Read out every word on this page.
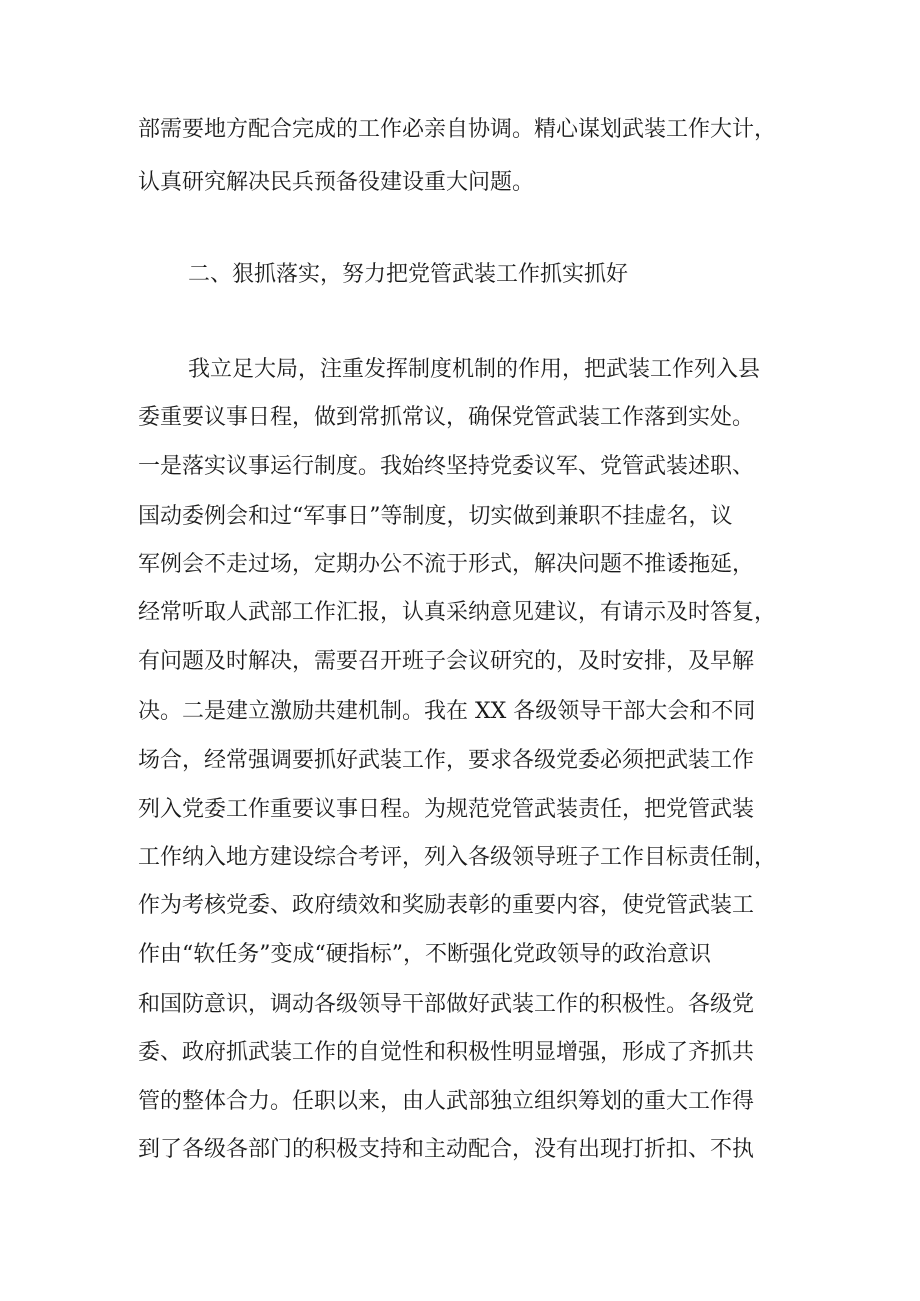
部需要地方配合完成的工作必亲自协调。精心谋划武装工作大计，
认真研究解决民兵预备役建设重大问题。
二、狠抓落实，努力把党管武装工作抓实抓好
我立足大局，注重发挥制度机制的作用，把武装工作列入县
委重要议事日程，做到常抓常议，确保党管武装工作落到实处。
一是落实议事运行制度。我始终坚持党委议军、党管武装述职、
国动委例会和过“军事日”等制度，切实做到兼职不挂虚名，议
军例会不走过场，定期办公不流于形式，解决问题不推诿拖延，
经常听取人武部工作汇报，认真采纳意见建议，有请示及时答复，
有问题及时解决，需要召开班子会议研究的，及时安排，及早解
决。二是建立激励共建机制。我在 XX 各级领导干部大会和不同
场合，经常强调要抓好武装工作，要求各级党委必须把武装工作
列入党委工作重要议事日程。为规范党管武装责任，把党管武装
工作纳入地方建设综合考评，列入各级领导班子工作目标责任制，
作为考核党委、政府绩效和奖励表彰的重要内容，使党管武装工
作由“软任务”变成“硬指标”，不断强化党政领导的政治意识
和国防意识，调动各级领导干部做好武装工作的积极性。各级党
委、政府抓武装工作的自觉性和积极性明显增强，形成了齐抓共
管的整体合力。任职以来，由人武部独立组织筹划的重大工作得
到了各级各部门的积极支持和主动配合，没有出现打折扣、不执
